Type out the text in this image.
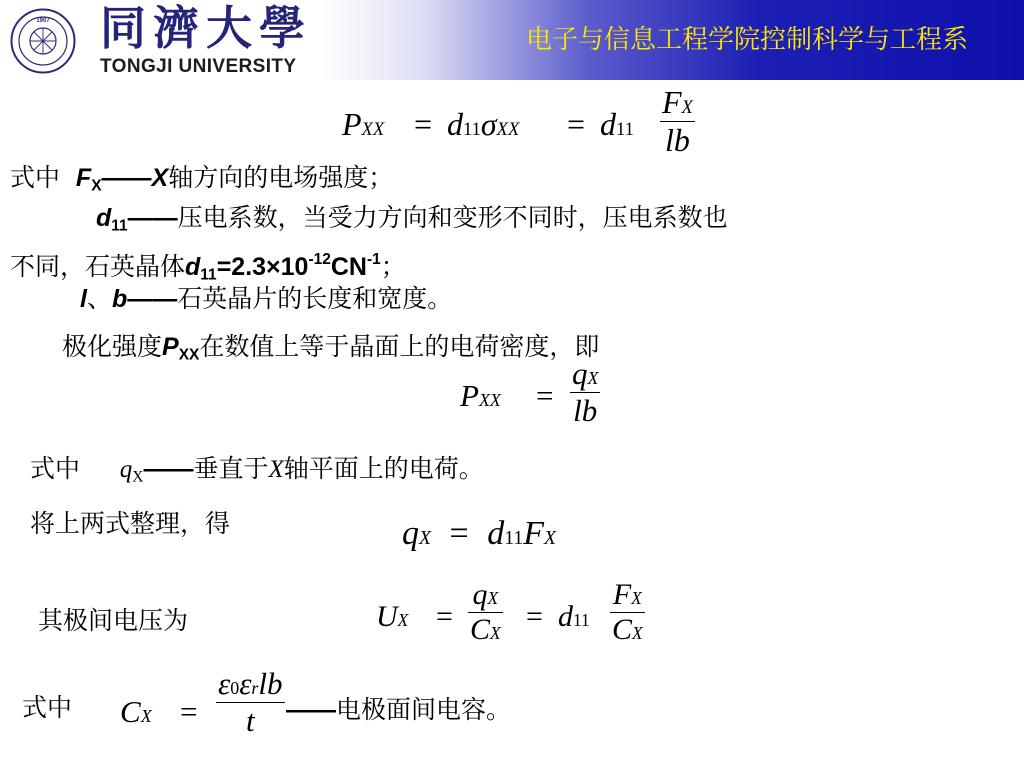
1907 同濟大學
TONGJI UNIVERSITY
电子与信息工程学院控制科学与工程系
PXX = $d11\sigma XX = d11 \frac{FX}{lb}$
式中 $F_X——X$轴方向的电场强度；
$d_{11}——$压电系数，当受力方向和变形不同时，压电系数也
不同，石英晶体$d_{11}=2.3\times 10^{-12}CN^{-1}$；
l、b——石英晶片的长度和宽度。
极化强度$P_{XX}$在数值上等于晶面上的电荷密度，即
PXX = $\frac{qX}{lb}$
式中 $q_X——$垂直于X轴平面上的电荷。
将上两式整理，得	qX = d11FX
其极间电压为	UX = $\frac{qX}{CX} = d11 \frac{FX}{CX}$
式中 CX =
ε0εrlb
t	——电极面间电容。
